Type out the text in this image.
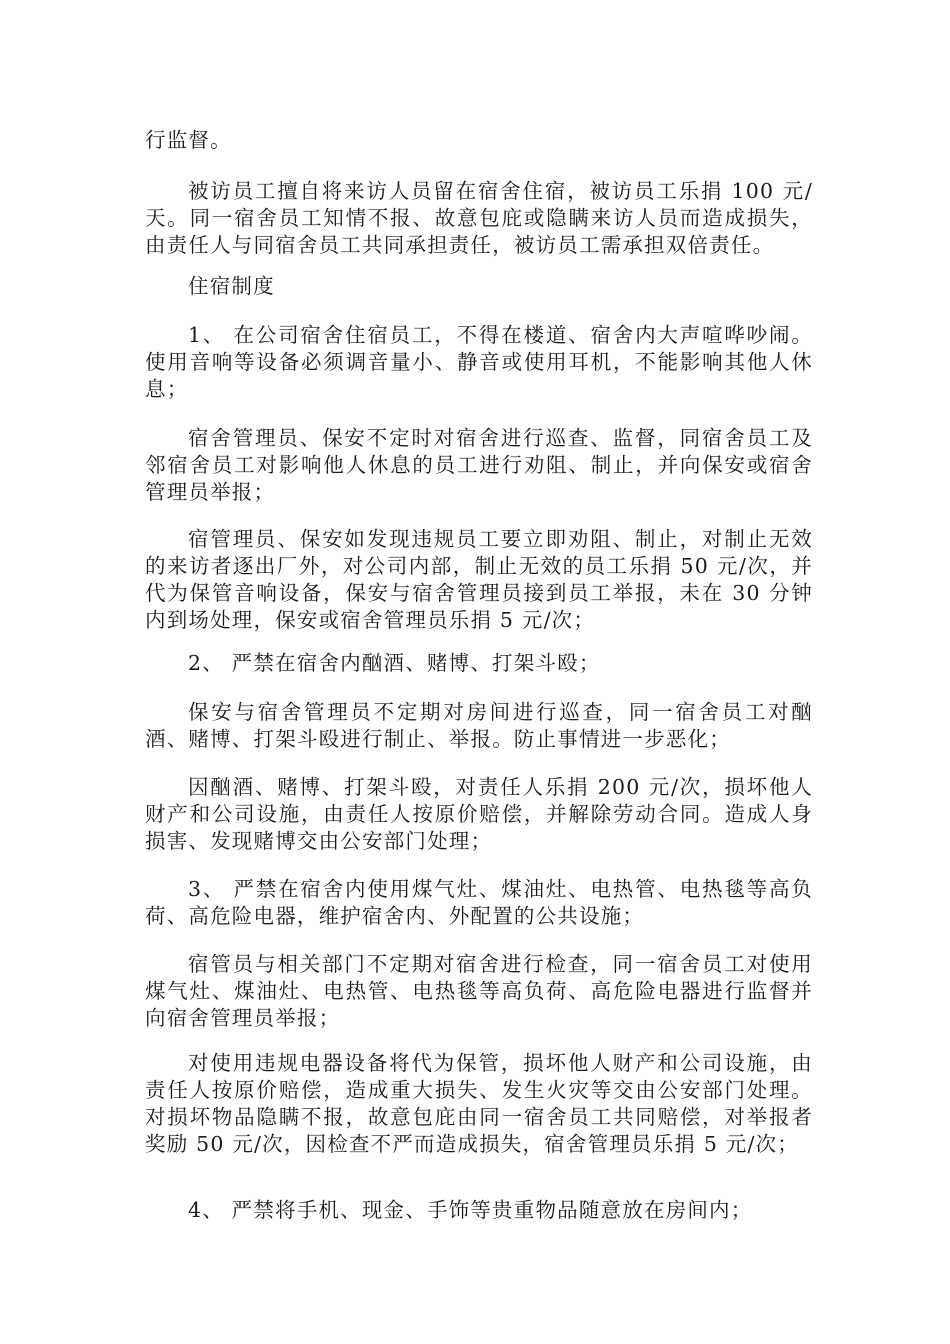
行监督。

被访员工擅自将来访人员留在宿舍住宿，被访员工乐捐 100 元/天。同一宿舍员工知情不报、故意包庇或隐瞒来访人员而造成损失，由责任人与同宿舍员工共同承担责任，被访员工需承担双倍责任。

住宿制度

1、 在公司宿舍住宿员工，不得在楼道、宿舍内大声喧哗吵闹。使用音响等设备必须调音量小、静音或使用耳机，不能影响其他人休息；

宿舍管理员、保安不定时对宿舍进行巡查、监督，同宿舍员工及邻宿舍员工对影响他人休息的员工进行劝阻、制止，并向保安或宿舍管理员举报；

宿管理员、保安如发现违规员工要立即劝阻、制止，对制止无效的来访者逐出厂外，对公司内部，制止无效的员工乐捐 50 元/次，并代为保管音响设备，保安与宿舍管理员接到员工举报，未在 30 分钟内到场处理，保安或宿舍管理员乐捐 5 元/次；

2、 严禁在宿舍内酗酒、赌博、打架斗殴；

保安与宿舍管理员不定期对房间进行巡查，同一宿舍员工对酗酒、赌博、打架斗殴进行制止、举报。防止事情进一步恶化；

因酗酒、赌博、打架斗殴，对责任人乐捐 200 元/次，损坏他人财产和公司设施，由责任人按原价赔偿，并解除劳动合同。造成人身损害、发现赌博交由公安部门处理；

3、 严禁在宿舍内使用煤气灶、煤油灶、电热管、电热毯等高负荷、高危险电器，维护宿舍内、外配置的公共设施；

宿管员与相关部门不定期对宿舍进行检查，同一宿舍员工对使用煤气灶、煤油灶、电热管、电热毯等高负荷、高危险电器进行监督并向宿舍管理员举报；

对使用违规电器设备将代为保管，损坏他人财产和公司设施，由责任人按原价赔偿，造成重大损失、发生火灾等交由公安部门处理。对损坏物品隐瞒不报，故意包庇由同一宿舍员工共同赔偿，对举报者奖励 50 元/次，因检查不严而造成损失，宿舍管理员乐捐 5 元/次；

4、 严禁将手机、现金、手饰等贵重物品随意放在房间内；
